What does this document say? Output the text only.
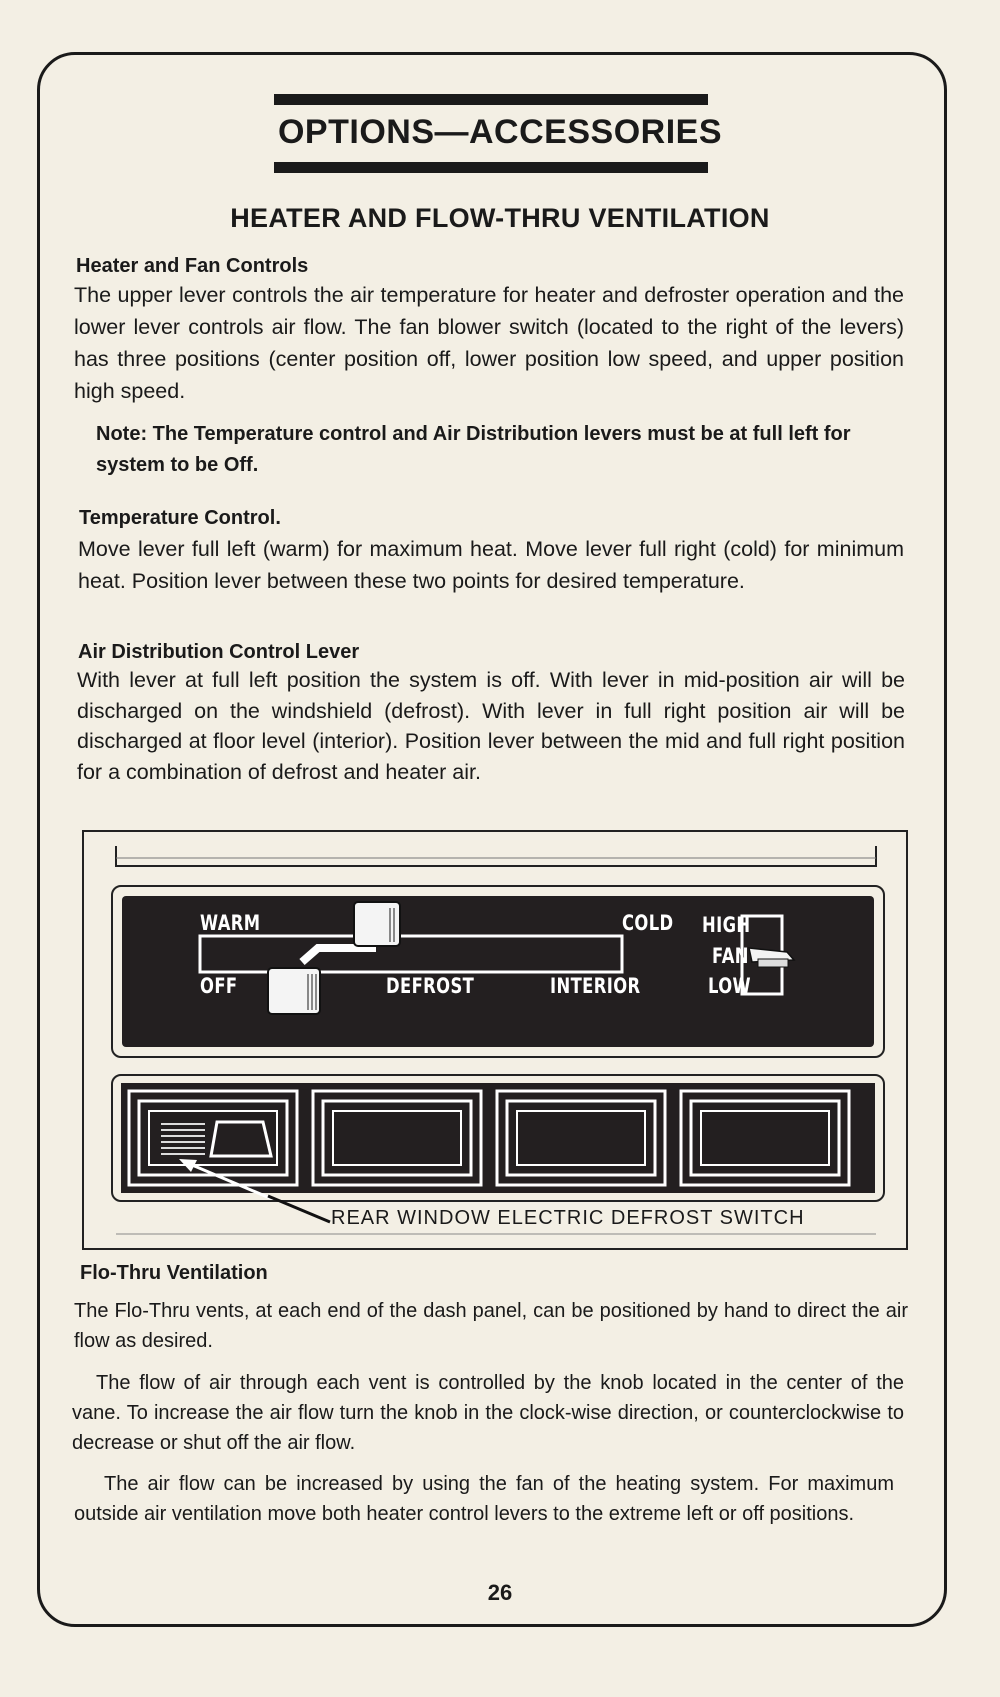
OPTIONS—ACCESSORIES
HEATER AND FLOW-THRU VENTILATION
Heater and Fan Controls
The upper lever controls the air temperature for heater and defroster operation and the lower lever controls air flow. The fan blower switch (located to the right of the levers) has three positions (center position off, lower position low speed, and upper position high speed.
Note: The Temperature control and Air Distribution levers must be at full left for system to be Off.
Temperature Control.
Move lever full left (warm) for maximum heat. Move lever full right (cold) for minimum heat. Position lever between these two points for desired temperature.
Air Distribution Control Lever
With lever at full left position the system is off. With lever in mid-position air will be discharged on the windshield (defrost). With lever in full right position air will be discharged at floor level (interior). Position lever between the mid and full right position for a combination of defrost and heater air.
WARM	COLD
OFF	DEFROST	INTERIOR
HIGH
FAN
LOW
REAR WINDOW ELECTRIC DEFROST SWITCH
Flo-Thru Ventilation
The Flo-Thru vents, at each end of the dash panel, can be positioned by hand to direct the air flow as desired.
The flow of air through each vent is controlled by the knob located in the center of the vane. To increase the air flow turn the knob in the clock-wise direction, or counterclockwise to decrease or shut off the air flow.
The air flow can be increased by using the fan of the heating system. For maximum outside air ventilation move both heater control levers to the extreme left or off positions.
26
